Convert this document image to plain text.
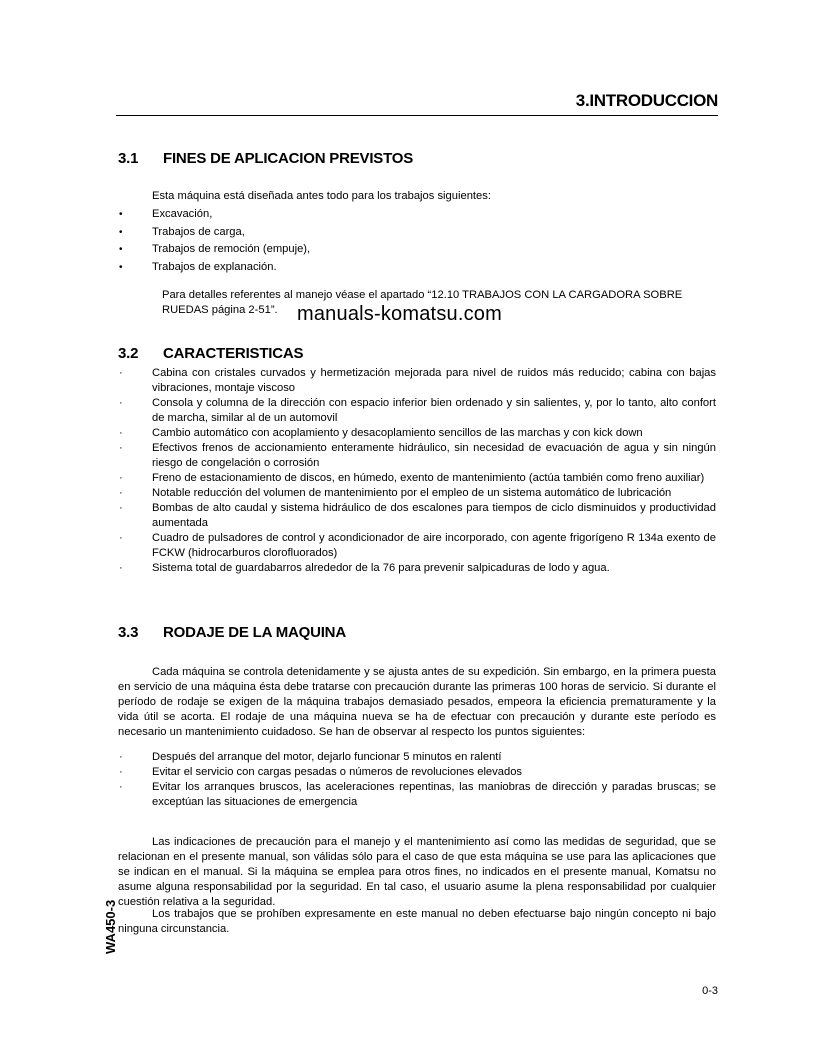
3.INTRODUCCION
3.1	FINES DE APLICACION PREVISTOS

Esta máquina está diseñada antes todo para los trabajos siguientes:

•	Excavación,
•	Trabajos de carga,
•	Trabajos de remoción (empuje),
•	Trabajos de explanación.
Para detalles referentes al manejo véase el apartado “12.10 TRABAJOS CON LA CARGADORA SOBRE
RUEDAS página 2-51”. manuals-komatsu.com
3.2	CARACTERISTICAS
·	Cabina con cristales curvados y hermetización mejorada para nivel de ruidos más reducido; cabina con bajas vibraciones, montaje viscoso
·	Consola y columna de la dirección con espacio inferior bien ordenado y sin salientes, y, por lo tanto, alto confort de marcha, similar al de un automovil
·	Cambio automático con acoplamiento y desacoplamiento sencillos de las marchas y con kick down
·	Efectivos frenos de accionamiento enteramente hidráulico, sin necesidad de evacuación de agua y sin ningún riesgo de congelación o corrosión
·	Freno de estacionamiento de discos, en húmedo, exento de mantenimiento (actúa también como freno auxiliar)
·	Notable reducción del volumen de mantenimiento por el empleo de un sistema automático de lubricación
·	Bombas de alto caudal y sistema hidráulico de dos escalones para tiempos de ciclo disminuidos y productividad aumentada
·	Cuadro de pulsadores de control y acondicionador de aire incorporado, con agente frigorígeno R 134a exento de FCKW (hidrocarburos clorofluorados)
·	Sistema total de guardabarros alrededor de la 76 para prevenir salpicaduras de lodo y agua.
3.3	RODAJE DE LA MAQUINA

Cada máquina se controla detenidamente y se ajusta antes de su expedición. Sin embargo, en la primera puesta en servicio de una máquina ésta debe tratarse con precaución durante las primeras 100 horas de servicio. Si durante el período de rodaje se exigen de la máquina trabajos demasiado pesados, empeora la eficiencia prematuramente y la vida útil se acorta. El rodaje de una máquina nueva se ha de efectuar con precaución y durante este período es necesario un mantenimiento cuidadoso. Se han de observar al respecto los puntos siguientes:

·	Después del arranque del motor, dejarlo funcionar 5 minutos en ralentí
·	Evitar el servicio con cargas pesadas o números de revoluciones elevados
·	Evitar los arranques bruscos, las aceleraciones repentinas, las maniobras de dirección y paradas bruscas; se exceptúan las situaciones de emergencia

Las indicaciones de precaución para el manejo y el mantenimiento así como las medidas de seguridad, que se relacionan en el presente manual, son válidas sólo para el caso de que esta máquina se use para las aplicaciones que se indican en el manual. Si la máquina se emplea para otros fines, no indicados en el presente manual, Komatsu no asume alguna responsabilidad por la seguridad. En tal caso, el usuario asume la plena responsabilidad por cualquier cuestión relativa a la seguridad.

Los trabajos que se prohíben expresamente en este manual no deben efectuarse bajo ningún concepto ni bajo ninguna circunstancia.

WA450-3
0-3
